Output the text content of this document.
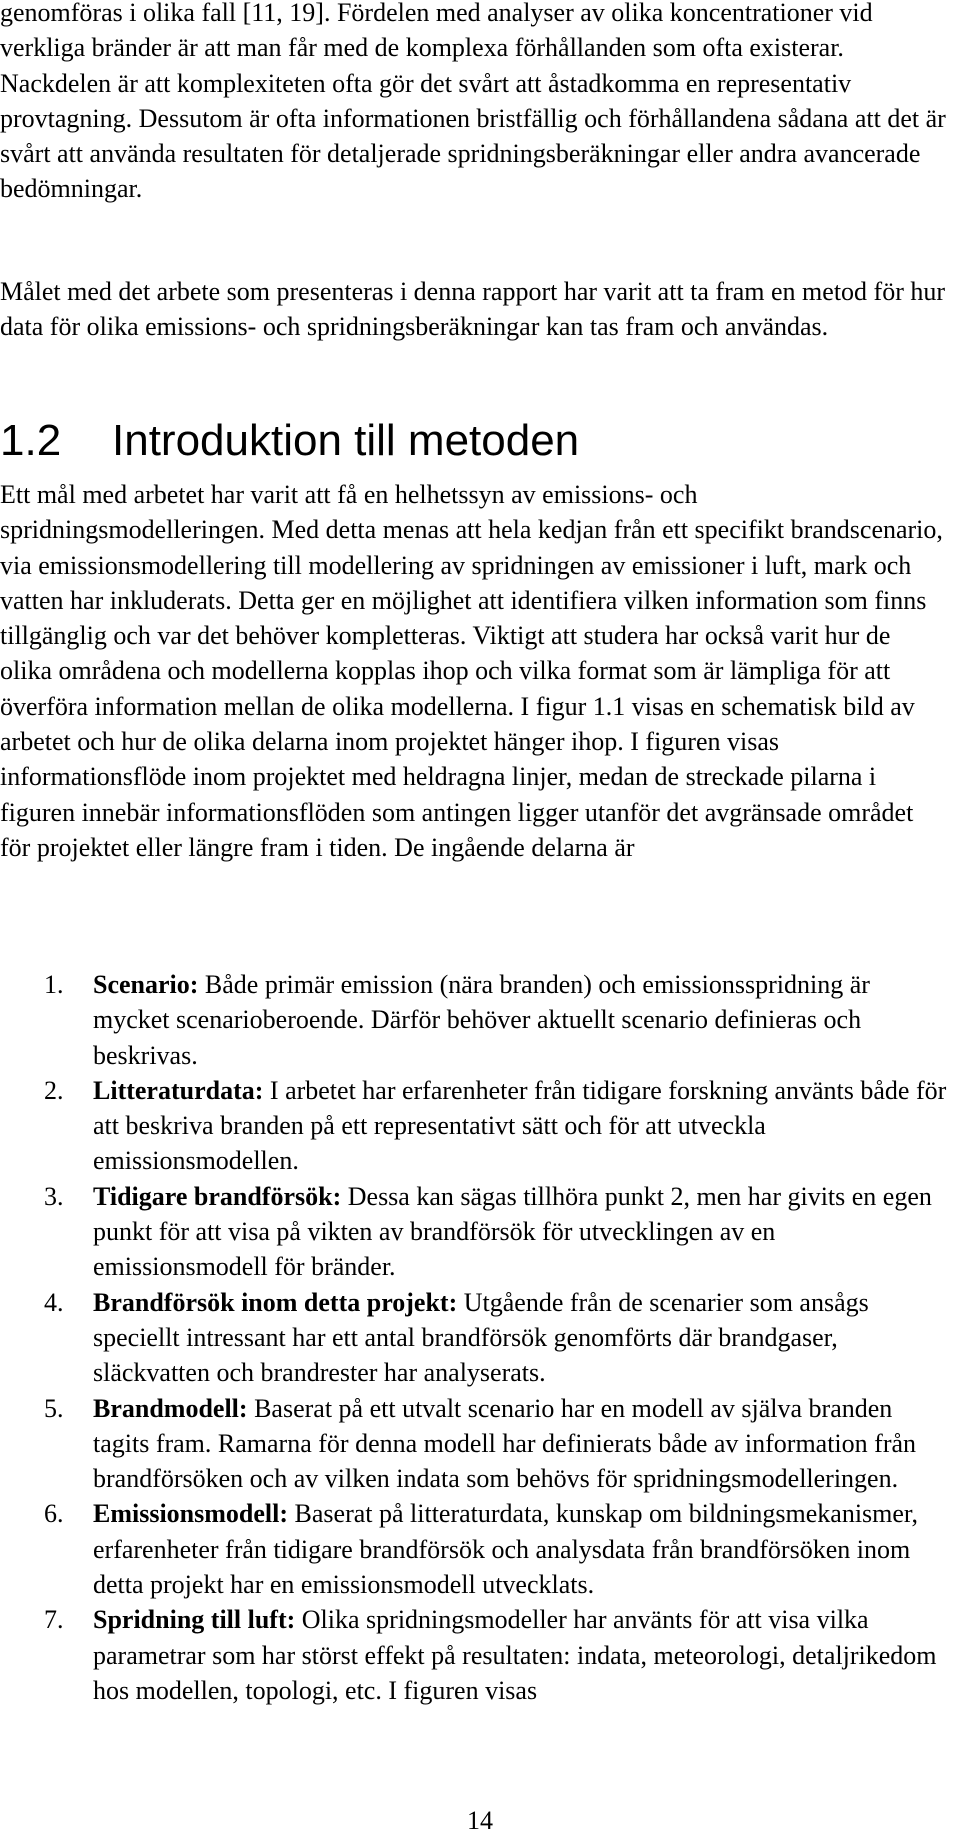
genomföras i olika fall [11, 19]. Fördelen med analyser av olika koncentrationer vid verkliga bränder är att man får med de komplexa förhållanden som ofta existerar. Nackdelen är att komplexiteten ofta gör det svårt att åstadkomma en representativ provtagning. Dessutom är ofta informationen bristfällig och förhållandena sådana att det är svårt att använda resultaten för detaljerade spridningsberäkningar eller andra avancerade bedömningar.

Målet med det arbete som presenteras i denna rapport har varit att ta fram en metod för hur data för olika emissions- och spridningsberäkningar kan tas fram och användas.

1.2 Introduktion till metoden

Ett mål med arbetet har varit att få en helhetssyn av emissions- och spridningsmodelleringen. Med detta menas att hela kedjan från ett specifikt brandscenario, via emissionsmodellering till modellering av spridningen av emissioner i luft, mark och vatten har inkluderats. Detta ger en möjlighet att identifiera vilken information som finns tillgänglig och var det behöver kompletteras. Viktigt att studera har också varit hur de olika områdena och modellerna kopplas ihop och vilka format som är lämpliga för att överföra information mellan de olika modellerna. I figur 1.1 visas en schematisk bild av arbetet och hur de olika delarna inom projektet hänger ihop. I figuren visas informationsflöde inom projektet med heldragna linjer, medan de streckade pilarna i figuren innebär informationsflöden som antingen ligger utanför det avgränsade området för projektet eller längre fram i tiden. De ingående delarna är

1. Scenario: Både primär emission (nära branden) och emissionsspridning är mycket scenarioberoende. Därför behöver aktuellt scenario definieras och beskrivas.
2. Litteraturdata: I arbetet har erfarenheter från tidigare forskning använts både för att beskriva branden på ett representativt sätt och för att utveckla emissionsmodellen.
3. Tidigare brandförsök: Dessa kan sägas tillhöra punkt 2, men har givits en egen punkt för att visa på vikten av brandförsök för utvecklingen av en emissionsmodell för bränder.
4. Brandförsök inom detta projekt: Utgående från de scenarier som ansågs speciellt intressant har ett antal brandförsök genomförts där brandgaser, släckvatten och brandrester har analyserats.
5. Brandmodell: Baserat på ett utvalt scenario har en modell av själva branden tagits fram. Ramarna för denna modell har definierats både av information från brandförsöken och av vilken indata som behövs för spridningsmodelleringen.
6. Emissionsmodell: Baserat på litteraturdata, kunskap om bildningsmekanismer, erfarenheter från tidigare brandförsök och analysdata från brandförsöken inom detta projekt har en emissionsmodell utvecklats.
7. Spridning till luft: Olika spridningsmodeller har använts för att visa vilka parametrar som har störst effekt på resultaten: indata, meteorologi, detaljrikedom hos modellen, topologi, etc. I figuren visas
14
